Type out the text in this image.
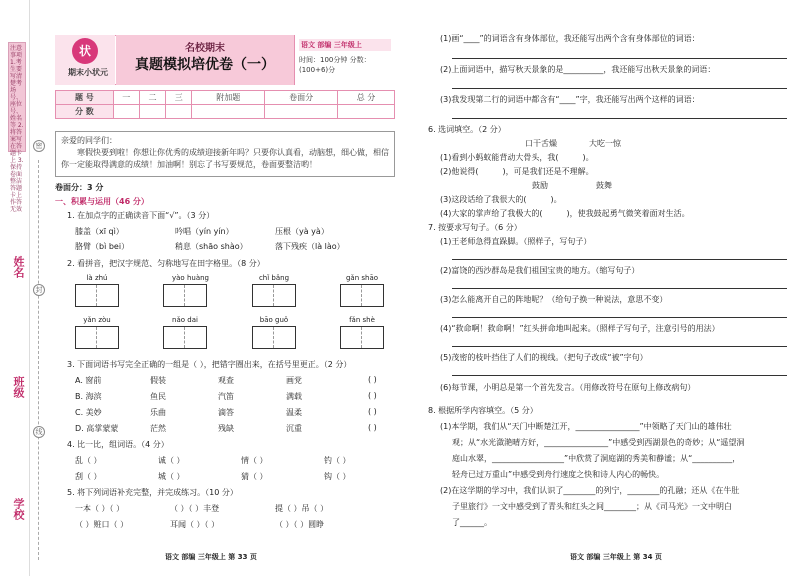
注意事项 1.考生要写清楚考场号、座位号、姓名等 2.将答案写在答题卡上 3.保持卷面整洁 答题卡上作答无效
密
封
线
姓名
班级
学校
状
期末小状元
名校期末
真题模拟培优卷（一）
语文 部编 三年级上
时间：100分钟 分数：(100+6)分
题 号	一	二	三	附加题	卷面分	总 分
分 数						
亲爱的同学们：
　　寒假快要到啦！你想让你优秀的成绩迎接新年吗？只要你认真看，动脑想，细心做，相信你一定能取得满意的成绩！加油啊！别忘了书写要规范，卷面要整洁哟！
卷面分：3 分
一、积累与运用（46 分）
1. 在加点字的正确读音下面“√”。（3 分）
膝盖（xī qì）	吟唱（yín yín）	压根（yà yà）
胳臂（bì bei）	稍息（shāo shào）	落下残疾（là lào）
2. 看拼音，把汉字规范、匀称地写在田字格里。（8 分）
là zhú	yào huàng	chǐ bǎng	gǎn shāo
yǎn zòu	nǎo dai	bāo guǒ	fǎn shè
3. 下面词语书写完全正确的一组是（ ），把错字圈出来，在括号里更正。（2 分）
A. 窗前	假装	观查	画党	( )
B. 海滨	鱼民	汽笛	满载	( )
C. 美妙	乐曲	滴答	温柔	( )
D. 高掌蒙蒙	茫然	残缺	沉重	( )
4. 比一比，组词语。（4 分）
乱（ ）	诚（ ）	情（ ）	钓（ ）
刮（ ）	城（ ）	猜（ ）	钩（ ）
5. 将下列词语补充完整，并完成练习。（10 分）
一本（ ）（ ）	（ ）（ ）丰登	提（ ）吊（ ）
（ ）赃口（ ）	耳闻（ ）（ ）	（ ）（ ）圆睁
语文 部编 三年级上 第 33 页
(1)画“____”的词语含有身体部位，我还能写出两个含有身体部位的词语：
(2)上面词语中，描写秋天景象的是__________，我还能写出秋天景象的词语：
(3)我发现第二行的词语中都含有“____”字，我还能写出两个这样的词语：
6. 选词填空。（2 分）
口干舌燥　　　　大吃一惊
(1)看到小蚂蚁能背动大骨头，我(　　　)。
(2)他说得(　　　)，可是我们还是不理解。
鼓励　　　　　　鼓舞
(3)这段话给了我很大的(　　　)。
(4)大家的掌声给了我极大的(　　　)，使我鼓起勇气微笑着面对生活。
7. 按要求写句子。（6 分）
(1)王老师急得直跺脚。（照样子，写句子）
(2)富饶的西沙群岛是我们祖国宝贵的地方。（缩写句子）
(3)怎么能离开自己的阵地呢？（给句子换一种说法，意思不变）
(4)“救命啊！救命啊！”红头拼命地叫起来。（照样子写句子，注意引号的用法）
(5)茂密的枝叶挡住了人们的视线。（把句子改成“被”字句）
(6)每节课，小明总是第一个首先发言。（用修改符号在原句上修改病句）
8. 根据所学内容填空。（5 分）
(1)本学期，我们从“天门中断楚江开，________________”中领略了天门山的雄伟壮
观；从“水光潋滟晴方好，________________”中感受到西湖景色的奇妙；从“遥望洞
庭山水翠，__________________”中欣赏了洞庭湖的秀美和静谧；从“__________，
轻舟已过万重山”中感受到舟行速度之快和诗人内心的畅快。
(2)在这学期的学习中，我们认识了________的列宁，________的孔融；还从《在牛肚
子里旅行》一文中感受到了青头和红头之间________；从《司马光》一文中明白
了______。
语文 部编 三年级上 第 34 页
